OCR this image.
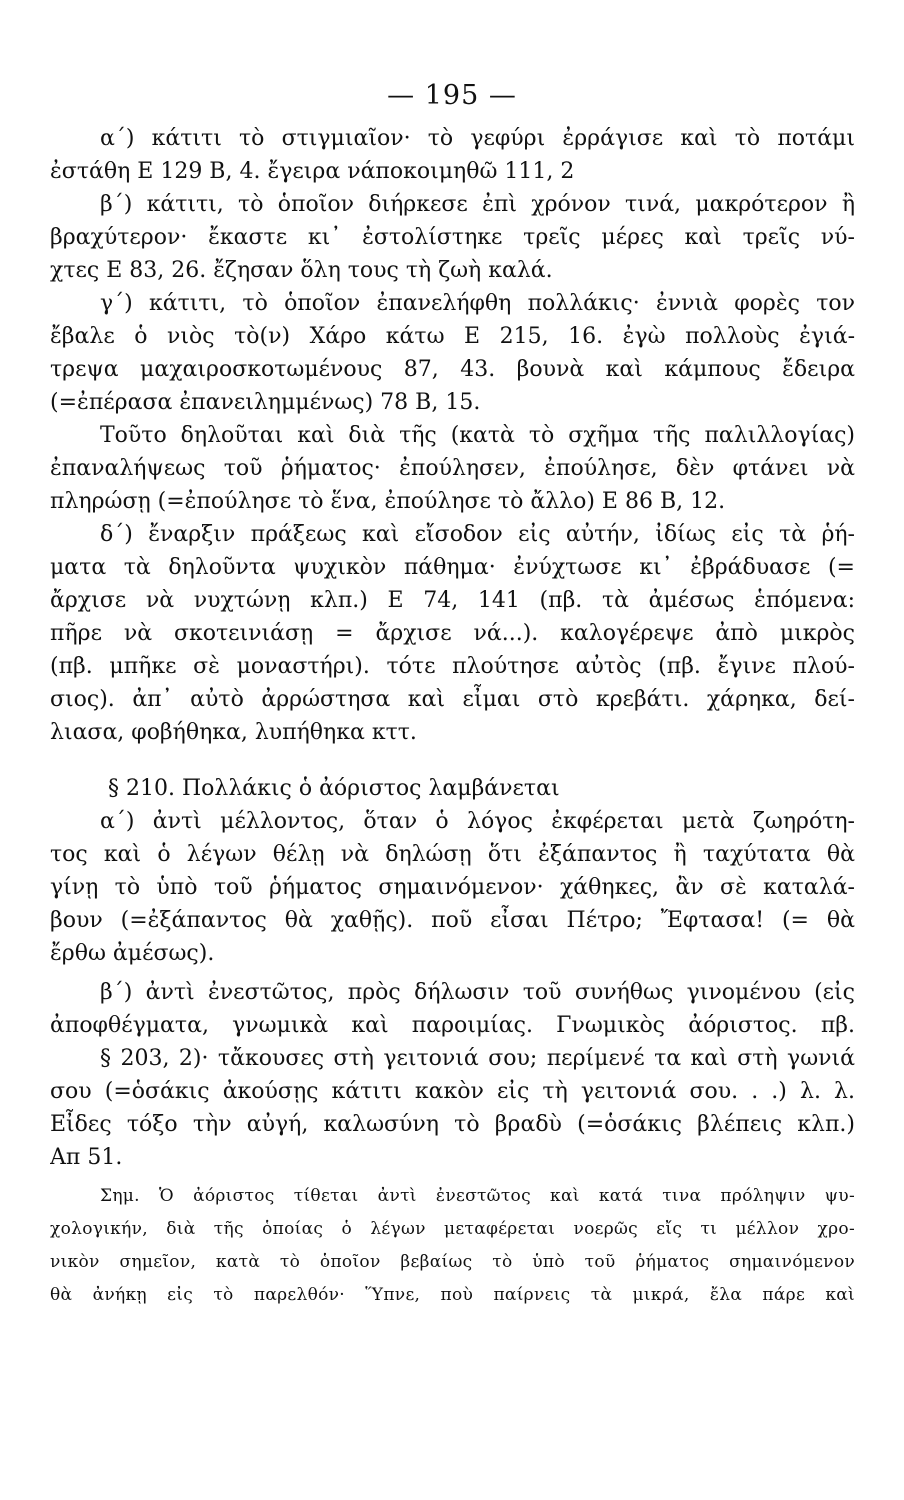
— 195 —
α΄) κάτιτι τὸ στιγμιαῖον· τὸ γεφύρι ἐρράγισε καὶ τὸ ποτάμι
ἐστάθη Ε 129 Β, 4. ἔγειρα νάποκοιμηθῶ 111, 2
β΄) κάτιτι, τὸ ὁποῖον διήρκεσε ἐπὶ χρόνον τινά, μακρότερον ἢ
βραχύτερον· ἔκαστε κι᾽ ἐστολίστηκε τρεῖς μέρες καὶ τρεῖς νύ-
χτες Ε 83, 26. ἔζησαν ὅλη τους τὴ ζωὴ καλά.
γ΄) κάτιτι, τὸ ὁποῖον ἐπανελήφθη πολλάκις· ἐννιὰ φορὲς τον
ἔβαλε ὁ νιὸς τὸ(ν) Χάρο κάτω Ε 215, 16. ἐγὼ πολλοὺς ἐγιά-
τρεψα μαχαιροσκοτωμένους 87, 43. βουνὰ καὶ κάμπους ἔδειρα
(=ἐπέρασα ἐπανειλημμένως) 78 Β, 15.
Τοῦτο δηλοῦται καὶ διὰ τῆς (κατὰ τὸ σχῆμα τῆς παλιλλογίας)
ἐπαναλήψεως τοῦ ῥήματος· ἐπούλησεν, ἐπούλησε, δὲν φτάνει νὰ
πληρώσῃ (=ἐπούλησε τὸ ἕνα, ἐπούλησε τὸ ἄλλο) Ε 86 Β, 12.
δ΄) ἔναρξιν πράξεως καὶ εἴσοδον εἰς αὐτήν, ἰδίως εἰς τὰ ῥή-
ματα τὰ δηλοῦντα ψυχικὸν πάθημα· ἐνύχτωσε κι᾽ ἐβράδυασε (=
ἄρχισε νὰ νυχτώνῃ κλπ.) Ε 74, 141 (πβ. τὰ ἀμέσως ἑπόμενα:
πῆρε νὰ σκοτεινιάσῃ = ἄρχισε νά...). καλογέρεψε ἀπὸ μικρὸς
(πβ. μπῆκε σὲ μοναστήρι). τότε πλούτησε αὐτὸς (πβ. ἔγινε πλού-
σιος). ἀπ᾽ αὐτὸ ἀρρώστησα καὶ εἶμαι στὸ κρεβάτι. χάρηκα, δεί-
λιασα, φοβήθηκα, λυπήθηκα κττ.
§ 210. Πολλάκις ὁ ἀόριστος λαμβάνεται
α΄) ἀντὶ μέλλοντος, ὅταν ὁ λόγος ἐκφέρεται μετὰ ζωηρότη-
τος καὶ ὁ λέγων θέλῃ νὰ δηλώσῃ ὅτι ἐξάπαντος ἢ ταχύτατα θὰ
γίνῃ τὸ ὑπὸ τοῦ ῥήματος σημαινόμενον· χάθηκες, ἂν σὲ καταλά-
βουν (=ἐξάπαντος θὰ χαθῇς). ποῦ εἶσαι Πέτρο; Ἔφτασα! (= θὰ
ἔρθω ἀμέσως).
β΄) ἀντὶ ἐνεστῶτος, πρὸς δήλωσιν τοῦ συνήθως γινομένου (εἰς
ἀποφθέγματα, γνωμικὰ καὶ παροιμίας. Γνωμικὸς ἀόριστος. πβ.
§ 203, 2)· τἄκουσες στὴ γειτονιά σου; περίμενέ τα καὶ στὴ γωνιά
σου (=ὁσάκις ἀκούσῃς κάτιτι κακὸν εἰς τὴ γειτονιά σου. . .) λ. λ.
Εἶδες τόξο τὴν αὐγή, καλωσύνη τὸ βραδὺ (=ὁσάκις βλέπεις κλπ.)
Απ 51.
Σημ. Ὁ ἀόριστος τίθεται ἀντὶ ἐνεστῶτος καὶ κατά τινα πρόληψιν ψυ-
χολογικήν, διὰ τῆς ὁποίας ὁ λέγων μεταφέρεται νοερῶς εἴς τι μέλλον χρο-
νικὸν σημεῖον, κατὰ τὸ ὁποῖον βεβαίως τὸ ὑπὸ τοῦ ῥήματος σημαινόμενον
θὰ ἀνήκῃ εἰς τὸ παρελθόν· Ὕπνε, ποὺ παίρνεις τὰ μικρά, ἔλα πάρε καὶ
